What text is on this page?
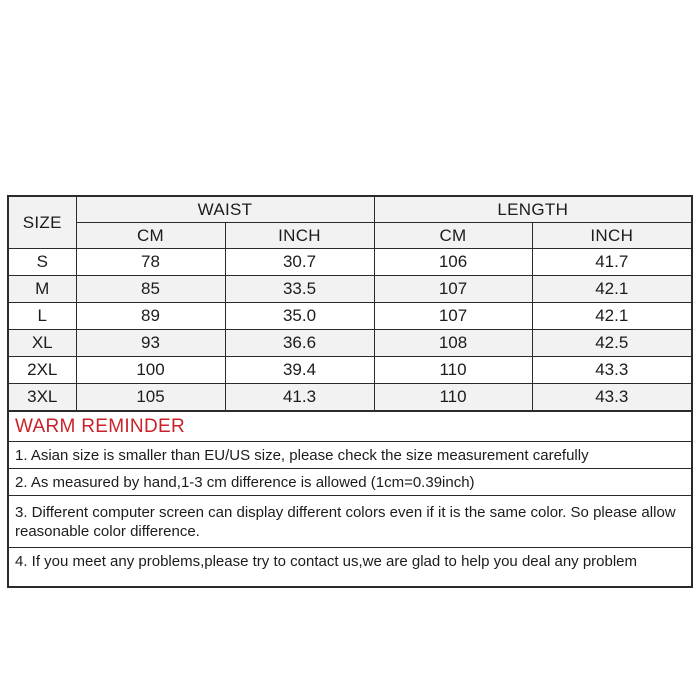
SIZE	WAIST		LENGTH	
	CM	INCH	CM	INCH
S	78	30.7	106	41.7
M	85	33.5	107	42.1
L	89	35.0	107	42.1
XL	93	36.6	108	42.5
2XL	100	39.4	110	43.3
3XL	105	41.3	110	43.3
WARM REMINDER				
1. Asian size is smaller than EU/US size, please check the size measurement carefully				
2. As measured by hand,1-3 cm difference is allowed (1cm=0.39inch)				
3. Different computer screen can display different colors even if it is the same color. So please allow reasonable color difference.				
4. If you meet any problems,please try to contact us,we are glad to help you deal any problem				
